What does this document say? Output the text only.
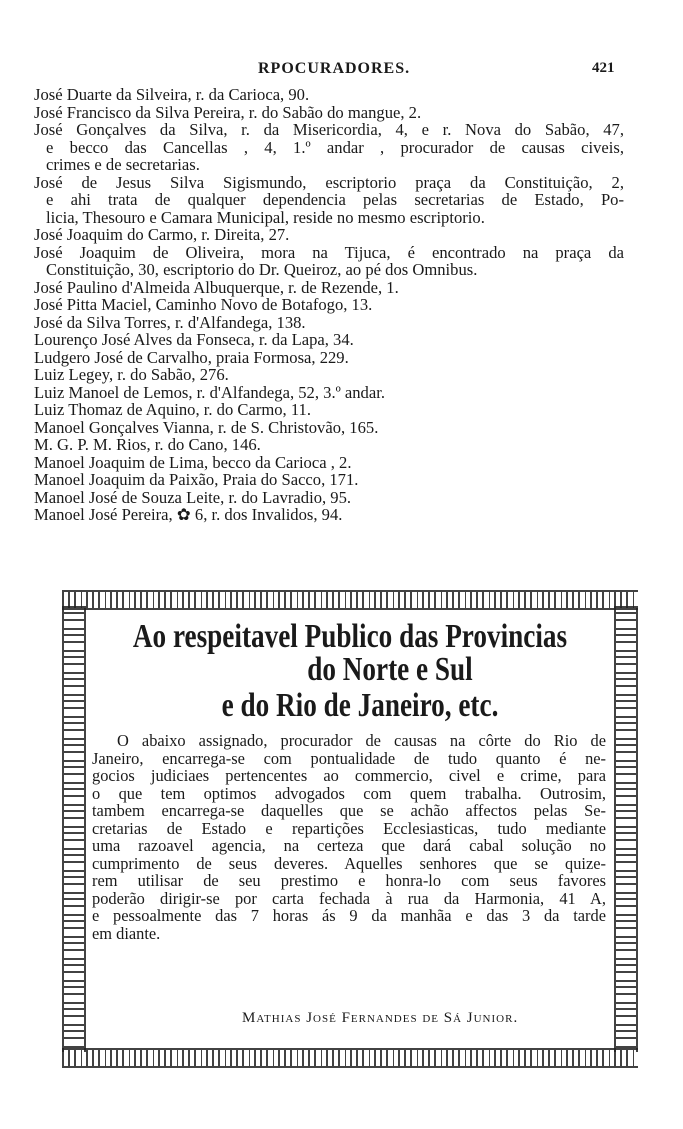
RPOCURADORES.	421
José Duarte da Silveira, r. da Carioca, 90.
José Francisco da Silva Pereira, r. do Sabão do mangue, 2.
José Gonçalves da Silva, r. da Misericordia, 4, e r. Nova do Sabão, 47,
e becco das Cancellas , 4, 1.º andar , procurador de causas civeis,
crimes e de secretarias.
José de Jesus Silva Sigismundo, escriptorio praça da Constituição, 2,
e ahi trata de qualquer dependencia pelas secretarias de Estado, Po-
licia, Thesouro e Camara Municipal, reside no mesmo escriptorio.
José Joaquim do Carmo, r. Direita, 27.
José Joaquim de Oliveira, mora na Tijuca, é encontrado na praça da
Constituição, 30, escriptorio do Dr. Queiroz, ao pé dos Omnibus.
José Paulino d'Almeida Albuquerque, r. de Rezende, 1.
José Pitta Maciel, Caminho Novo de Botafogo, 13.
José da Silva Torres, r. d'Alfandega, 138.
Lourenço José Alves da Fonseca, r. da Lapa, 34.
Ludgero José de Carvalho, praia Formosa, 229.
Luiz Legey, r. do Sabão, 276.
Luiz Manoel de Lemos, r. d'Alfandega, 52, 3.º andar.
Luiz Thomaz de Aquino, r. do Carmo, 11.
Manoel Gonçalves Vianna, r. de S. Christovão, 165.
M. G. P. M. Rios, r. do Cano, 146.
Manoel Joaquim de Lima, becco da Carioca , 2.
Manoel Joaquim da Paixão, Praia do Sacco, 171.
Manoel José de Souza Leite, r. do Lavradio, 95.
Manoel José Pereira, ✿ 6, r. dos Invalidos, 94.
Ao respeitavel Publico das Provincias
do Norte e Sul
e do Rio de Janeiro, etc.
O abaixo assignado, procurador de causas na côrte do Rio de
Janeiro, encarrega-se com pontualidade de tudo quanto é ne-
gocios judiciaes pertencentes ao commercio, civel e crime, para
o que tem optimos advogados com quem trabalha. Outrosim,
tambem encarrega-se daquelles que se achão affectos pelas Se-
cretarias de Estado e repartições Ecclesiasticas, tudo mediante
uma razoavel agencia, na certeza que dará cabal solução no
cumprimento de seus deveres. Aquelles senhores que se quize-
rem utilisar de seu prestimo e honra-lo com seus favores
poderão dirigir-se por carta fechada à rua da Harmonia, 41 A,
e pessoalmente das 7 horas ás 9 da manhãa e das 3 da tarde
em diante.
Mathias José Fernandes de Sá Junior.
